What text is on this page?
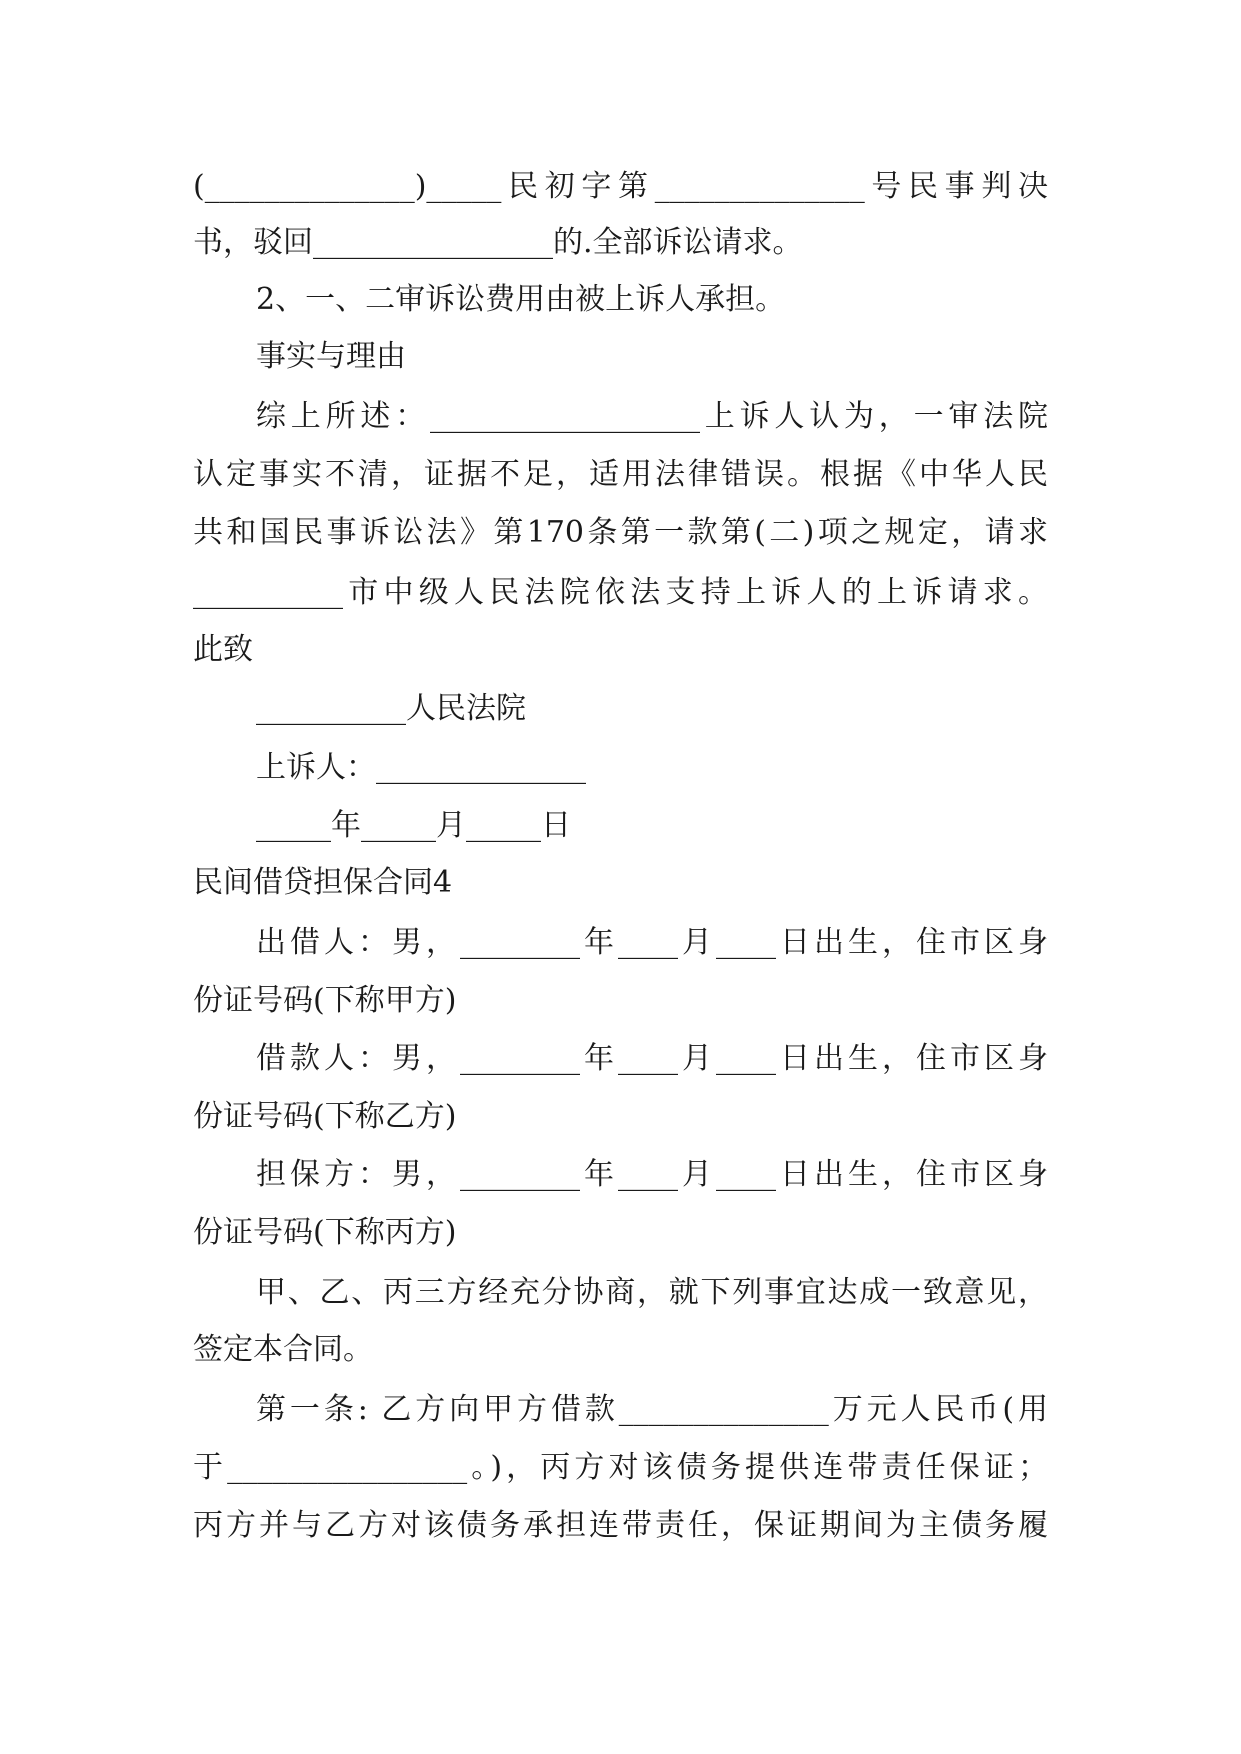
(______________)_____民初字第______________号民事判决
书，驳回________________的.全部诉讼请求。
2、一、二审诉讼费用由被上诉人承担。
事实与理由
综上所述：__________________上诉人认为，一审法院
认定事实不清，证据不足，适用法律错误。根据《中华人民
共和国民事诉讼法》第170条第一款第(二)项之规定，请求
__________市中级人民法院依法支持上诉人的上诉请求。
此致
__________人民法院
上诉人：______________
_____年_____月_____日
民间借贷担保合同4
出借人：男，________年____月____日出生，住市区身
份证号码(下称甲方)
借款人：男，________年____月____日出生，住市区身
份证号码(下称乙方)
担保方：男，________年____月____日出生，住市区身
份证号码(下称丙方)
甲、乙、丙三方经充分协商，就下列事宜达成一致意见，
签定本合同。
第一条: 乙方向甲方借款______________万元人民币(用
于________________。)，丙方对该债务提供连带责任保证；
丙方并与乙方对该债务承担连带责任，保证期间为主债务履
